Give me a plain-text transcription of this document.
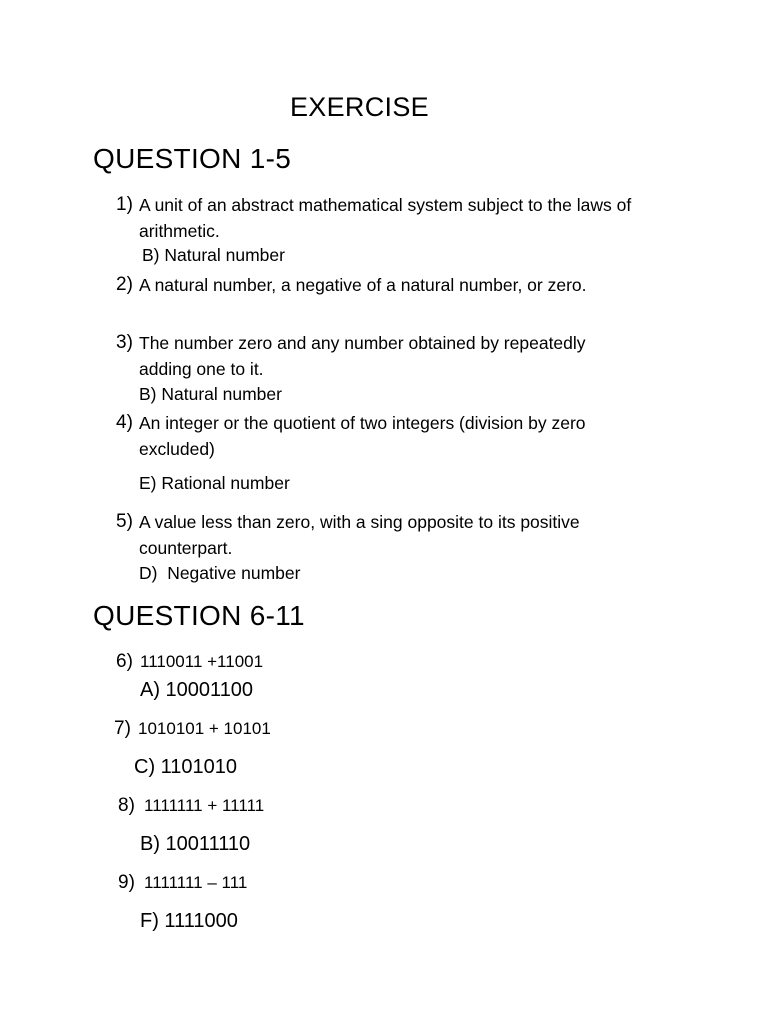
EXERCISE
QUESTION 1-5
1) A unit of an abstract mathematical system subject to the laws of arithmetic.
B) Natural number
2) A natural number, a negative of a natural number, or zero.
3) The number zero and any number obtained by repeatedly adding one to it.
B) Natural number
4) An integer or the quotient of two integers (division by zero excluded)
E) Rational number
5) A value less than zero, with a sing opposite to its positive counterpart.
D)  Negative number
QUESTION 6-11
6) 1110011 +11001
A) 10001100
7) 1010101 + 10101
C) 1101010
8) 1111111 + 11111
B) 10011110
9) 1111111 – 111
F) 1111000
